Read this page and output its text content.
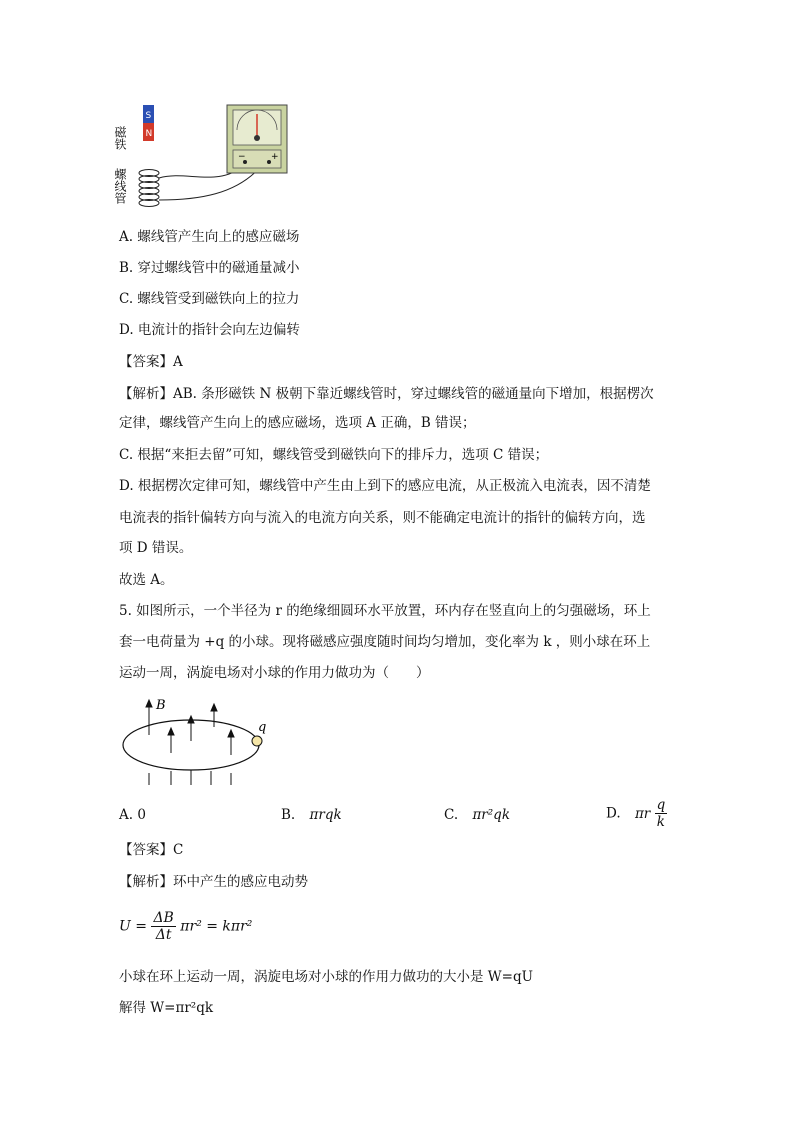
磁铁
S
N
螺线管
−	+
A. 螺线管产生向上的感应磁场
B. 穿过螺线管中的磁通量减小
C. 螺线管受到磁铁向上的拉力
D. 电流计的指针会向左边偏转
【答案】A
【解析】AB. 条形磁铁 N 极朝下靠近螺线管时，穿过螺线管的磁通量向下增加，根据楞次
定律，螺线管产生向上的感应磁场，选项 A 正确，B 错误；
C. 根据“来拒去留”可知，螺线管受到磁铁向下的排斥力，选项 C 错误；
D. 根据楞次定律可知，螺线管中产生由上到下的感应电流，从正极流入电流表，因不清楚
电流表的指针偏转方向与流入的电流方向关系，则不能确定电流计的指针的偏转方向，选
项 D 错误。
故选 A。
5. 如图所示，一个半径为 r 的绝缘细圆环水平放置，环内存在竖直向上的匀强磁场，环上
套一电荷量为 +q 的小球。现将磁感应强度随时间均匀增加，变化率为 k ，则小球在环上
运动一周，涡旋电场对小球的作用力做功为（　　）
B
q
A. 0	B. πrqk	C. πr²qk	D. πr $\frac{q}{k}$
【答案】C
【解析】环中产生的感应电动势
$U = \frac{\Delta B}{\Delta t} \pi r^2 = k\pi r^2$
小球在环上运动一周，涡旋电场对小球的作用力做功的大小是 W=qU
解得 W=πr²qk
